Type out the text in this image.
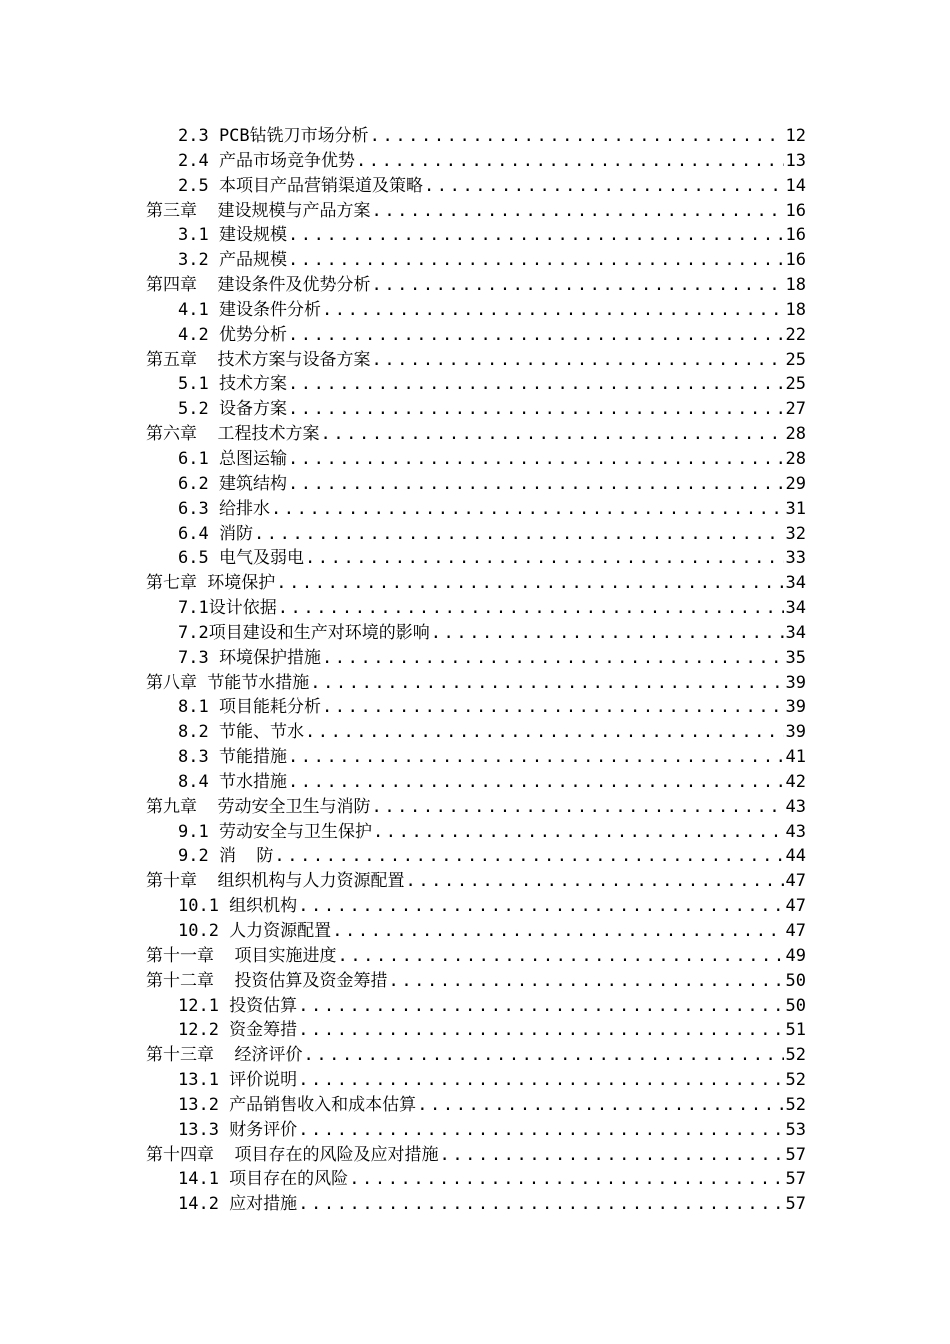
2.3 PCB钻铣刀市场分析 .....	12
2.4 产品市场竞争优势 .....	13
2.5 本项目产品营销渠道及策略 .....	14
第三章  建设规模与产品方案 .....	16
3.1 建设规模 .....	16
3.2 产品规模 .....	16
第四章  建设条件及优势分析 .....	18
4.1 建设条件分析 .....	18
4.2 优势分析 .....	22
第五章  技术方案与设备方案 .....	25
5.1 技术方案 .....	25
5.2 设备方案 .....	27
第六章  工程技术方案 .....	28
6.1 总图运输 .....	28
6.2 建筑结构 .....	29
6.3 给排水 .....	31
6.4 消防 .....	32
6.5 电气及弱电 .....	33
第七章 环境保护 .....	34
7.1设计依据 .....	34
7.2项目建设和生产对环境的影响 .....	34
7.3 环境保护措施 .....	35
第八章 节能节水措施 .....	39
8.1 项目能耗分析 .....	39
8.2 节能、节水 .....	39
8.3 节能措施 .....	41
8.4 节水措施 .....	42
第九章  劳动安全卫生与消防 .....	43
9.1 劳动安全与卫生保护 .....	43
9.2 消  防 .....	44
第十章  组织机构与人力资源配置 .....	47
10.1 组织机构 .....	47
10.2 人力资源配置 .....	47
第十一章  项目实施进度 .....	49
第十二章  投资估算及资金筹措 .....	50
12.1 投资估算 .....	50
12.2 资金筹措 .....	51
第十三章  经济评价 .....	52
13.1 评价说明 .....	52
13.2 产品销售收入和成本估算 .....	52
13.3 财务评价 .....	53
第十四章  项目存在的风险及应对措施 .....	57
14.1 项目存在的风险 .....	57
14.2 应对措施 .....	57
